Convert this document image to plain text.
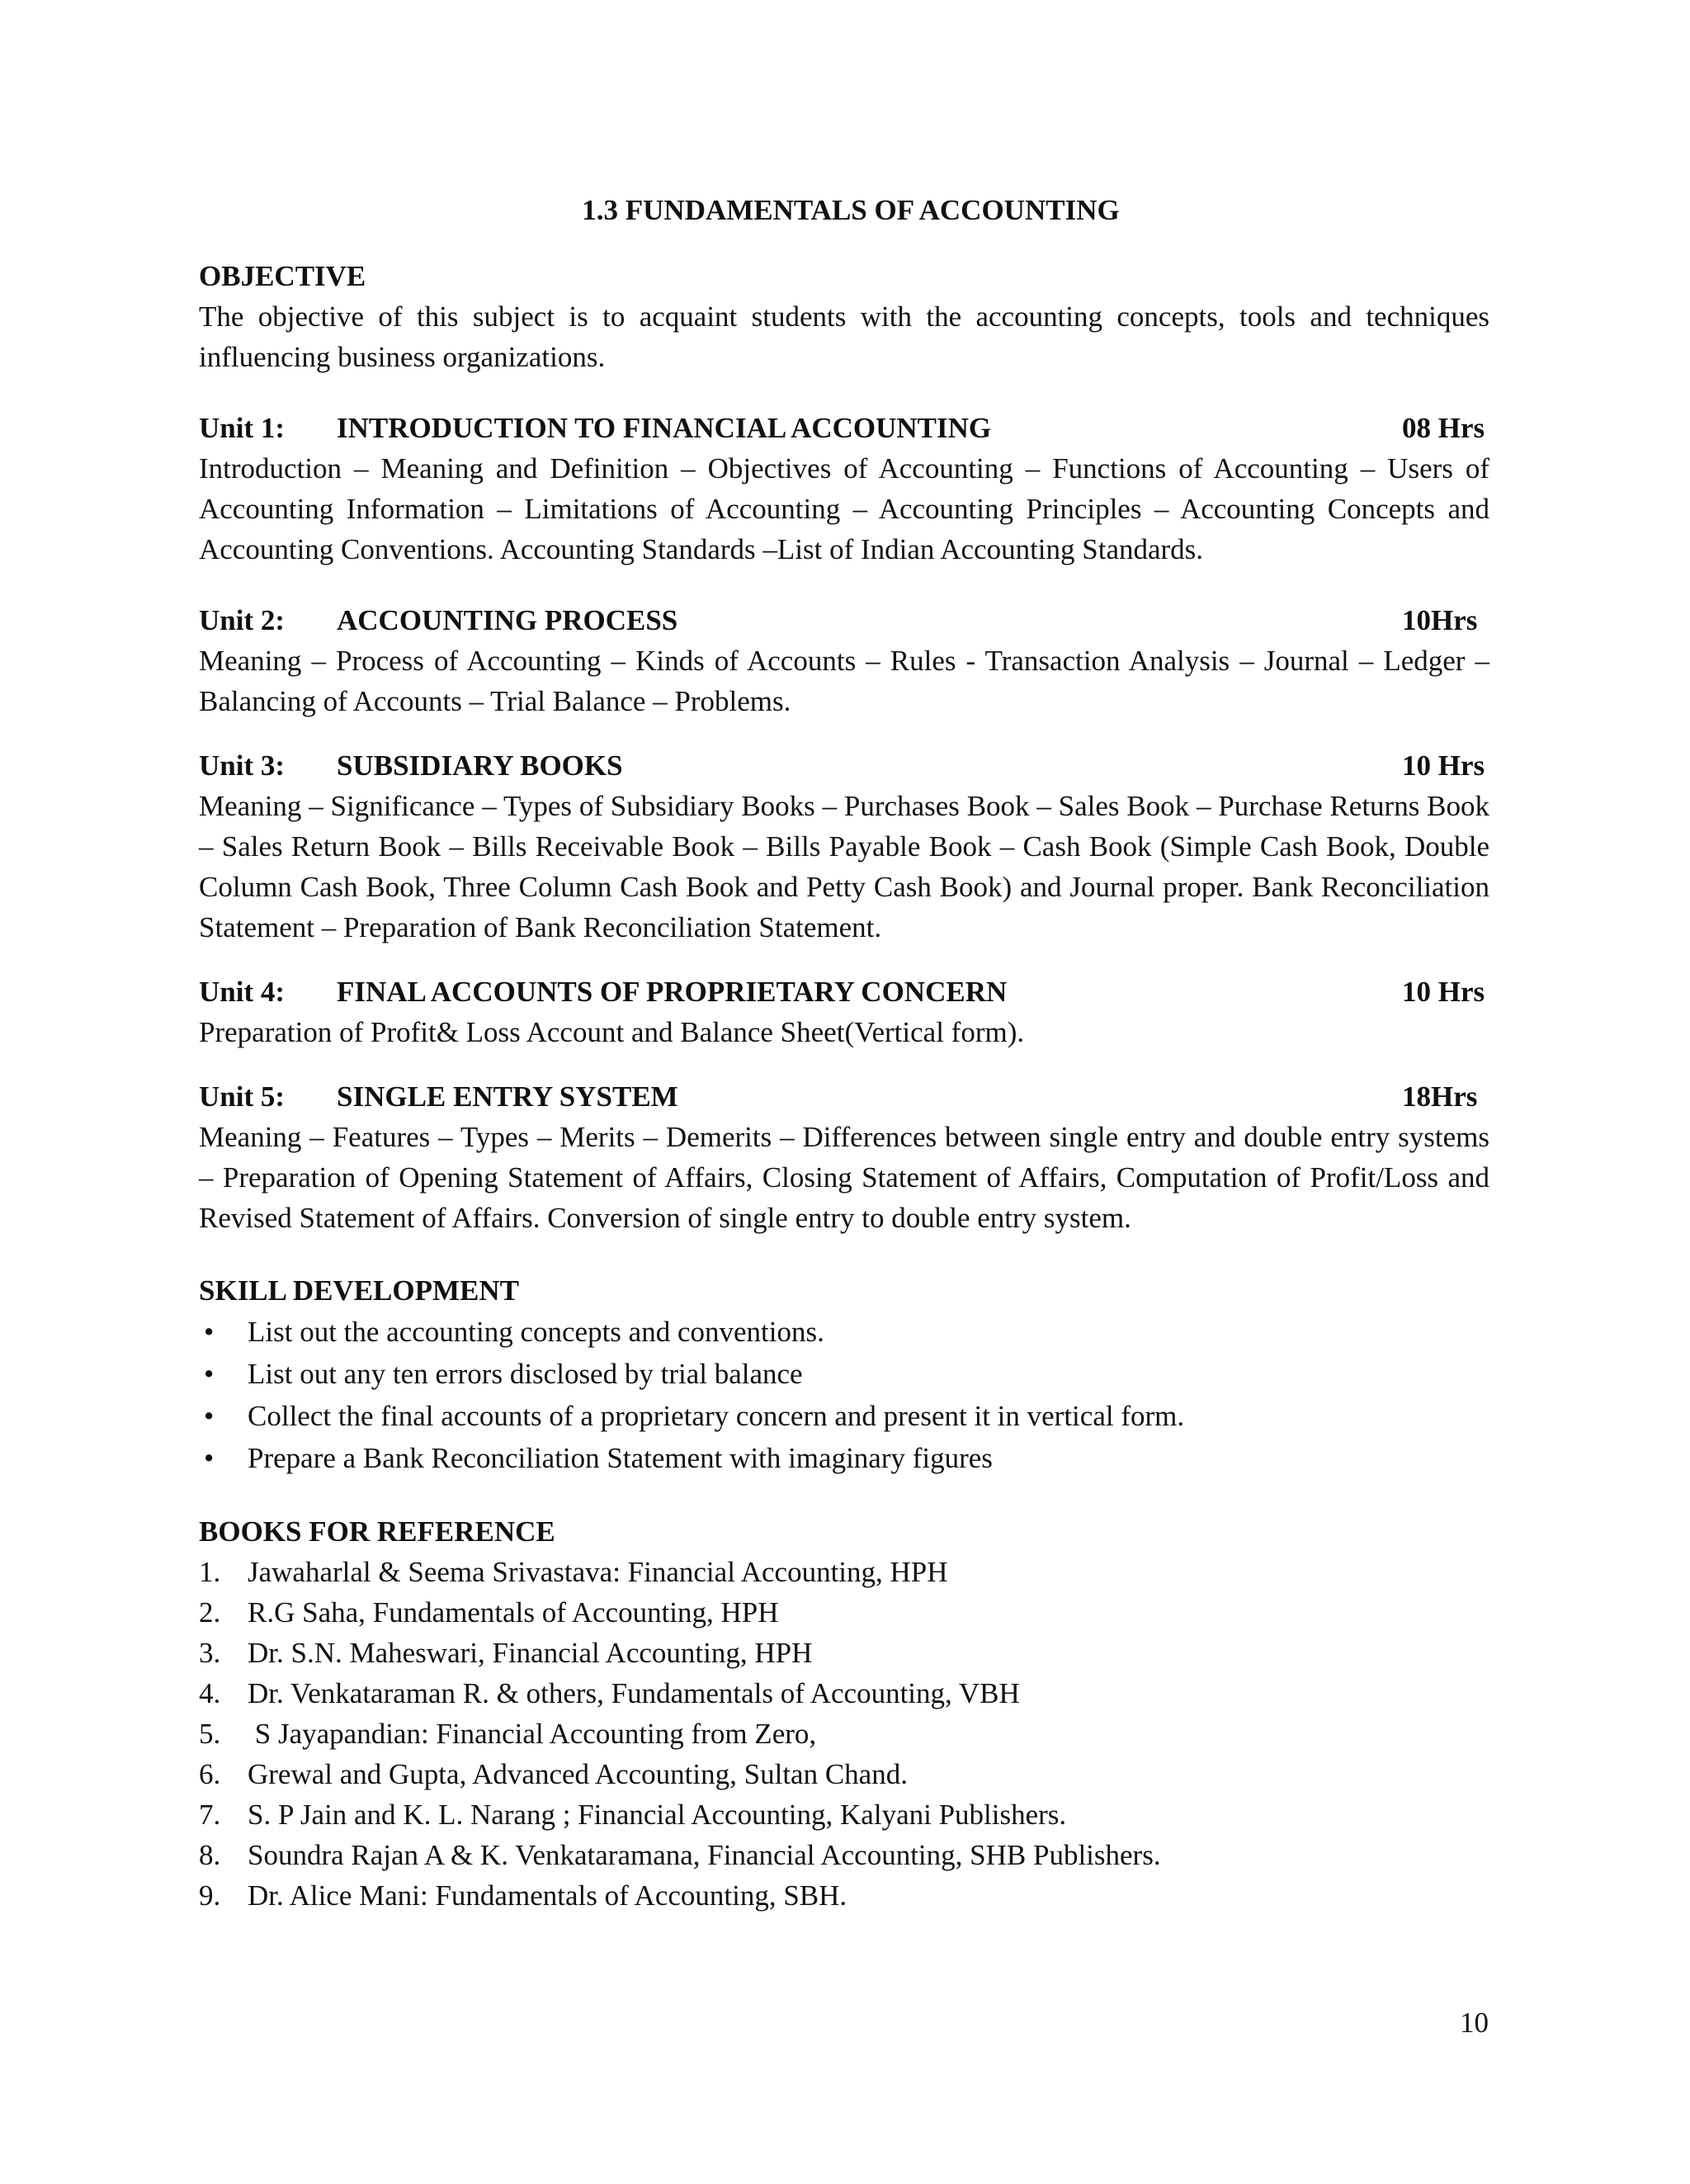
1.3 FUNDAMENTALS OF ACCOUNTING

OBJECTIVE

The objective of this subject is to acquaint students with the accounting concepts, tools and techniques influencing business organizations.

Unit 1:	INTRODUCTION TO FINANCIAL ACCOUNTING	08 Hrs

Introduction – Meaning and Definition – Objectives of Accounting – Functions of Accounting – Users of Accounting Information – Limitations of Accounting – Accounting Principles – Accounting Concepts and Accounting Conventions. Accounting Standards –List of Indian Accounting Standards.

Unit 2:	ACCOUNTING PROCESS	10Hrs

Meaning – Process of Accounting – Kinds of Accounts – Rules - Transaction Analysis – Journal – Ledger – Balancing of Accounts – Trial Balance – Problems.

Unit 3:	SUBSIDIARY BOOKS	10 Hrs

Meaning – Significance – Types of Subsidiary Books – Purchases Book – Sales Book – Purchase Returns Book – Sales Return Book – Bills Receivable Book – Bills Payable Book – Cash Book (Simple Cash Book, Double Column Cash Book, Three Column Cash Book and Petty Cash Book) and Journal proper. Bank Reconciliation Statement – Preparation of Bank Reconciliation Statement.

Unit 4:	FINAL ACCOUNTS OF PROPRIETARY CONCERN	10 Hrs

Preparation of Profit& Loss Account and Balance Sheet(Vertical form).

Unit 5:	SINGLE ENTRY SYSTEM	18Hrs

Meaning – Features – Types – Merits – Demerits – Differences between single entry and double entry systems – Preparation of Opening Statement of Affairs, Closing Statement of Affairs, Computation of Profit/Loss and Revised Statement of Affairs. Conversion of single entry to double entry system.

SKILL DEVELOPMENT

• List out the accounting concepts and conventions.
• List out any ten errors disclosed by trial balance
• Collect the final accounts of a proprietary concern and present it in vertical form.
• Prepare a Bank Reconciliation Statement with imaginary figures

BOOKS FOR REFERENCE

1. Jawaharlal & Seema Srivastava: Financial Accounting, HPH
2. R.G Saha, Fundamentals of Accounting, HPH
3. Dr. S.N. Maheswari, Financial Accounting, HPH
4. Dr. Venkataraman R. & others, Fundamentals of Accounting, VBH
5. S Jayapandian: Financial Accounting from Zero,
6. Grewal and Gupta, Advanced Accounting, Sultan Chand.
7. S. P Jain and K. L. Narang ; Financial Accounting, Kalyani Publishers.
8. Soundra Rajan A & K. Venkataramana, Financial Accounting, SHB Publishers.
9. Dr. Alice Mani: Fundamentals of Accounting, SBH.
10
